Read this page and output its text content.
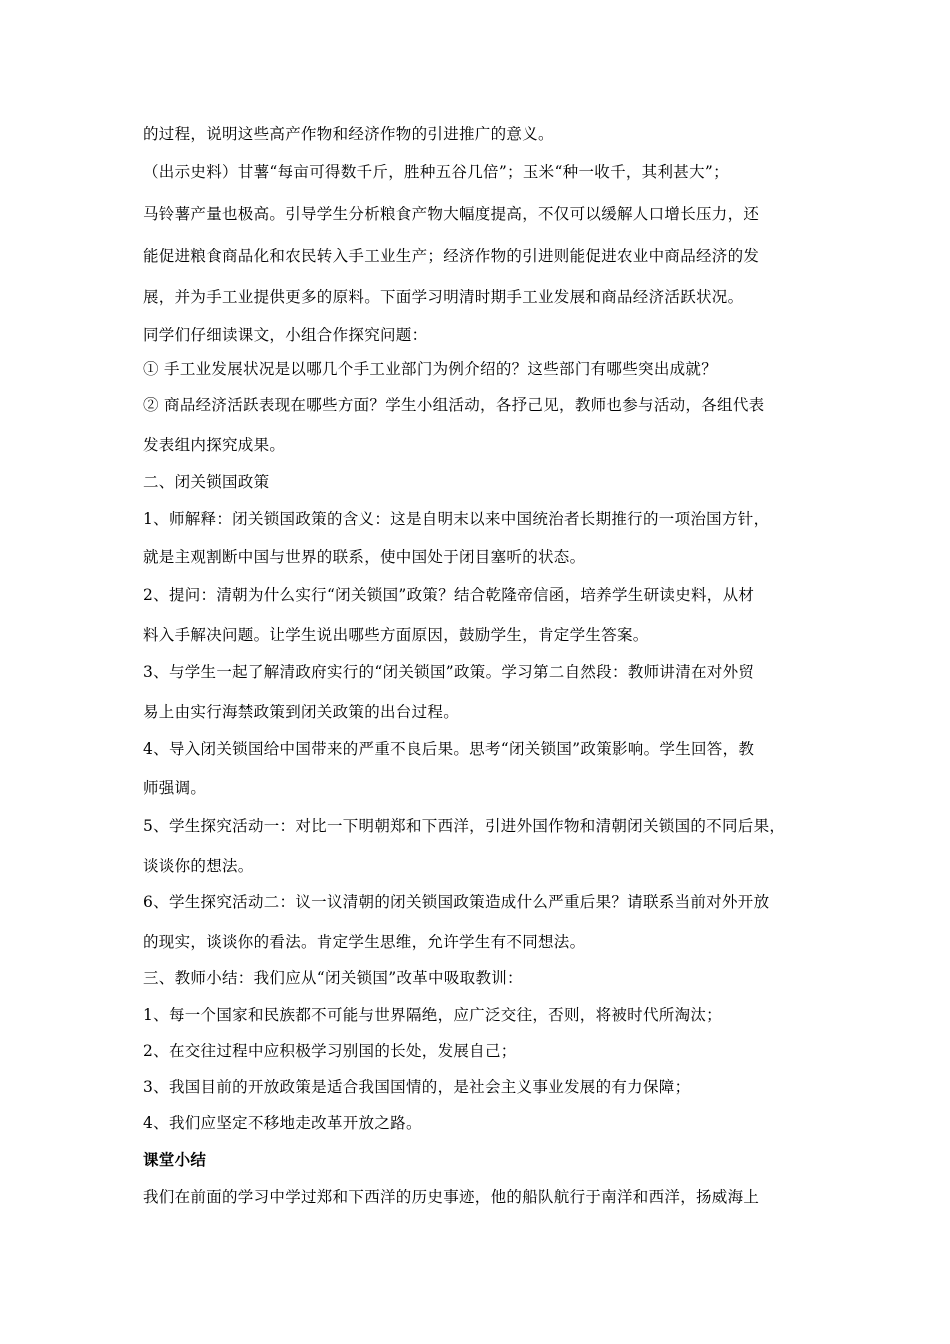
的过程，说明这些高产作物和经济作物的引进推广的意义。
（出示史料）甘薯“每亩可得数千斤，胜种五谷几倍”；玉米“种一收千，其利甚大”；
马铃薯产量也极高。引导学生分析粮食产物大幅度提高，不仅可以缓解人口增长压力，还
能促进粮食商品化和农民转入手工业生产；经济作物的引进则能促进农业中商品经济的发
展，并为手工业提供更多的原料。下面学习明清时期手工业发展和商品经济活跃状况。
同学们仔细读课文，小组合作探究问题：
① 手工业发展状况是以哪几个手工业部门为例介绍的？这些部门有哪些突出成就？
② 商品经济活跃表现在哪些方面？学生小组活动，各抒己见，教师也参与活动，各组代表
发表组内探究成果。
二、闭关锁国政策
1、师解释：闭关锁国政策的含义：这是自明末以来中国统治者长期推行的一项治国方针，
就是主观割断中国与世界的联系，使中国处于闭目塞听的状态。
2、提问：清朝为什么实行“闭关锁国”政策？结合乾隆帝信函，培养学生研读史料，从材
料入手解决问题。让学生说出哪些方面原因，鼓励学生，肯定学生答案。
3、与学生一起了解清政府实行的“闭关锁国”政策。学习第二自然段：教师讲清在对外贸
易上由实行海禁政策到闭关政策的出台过程。
4、导入闭关锁国给中国带来的严重不良后果。思考“闭关锁国”政策影响。学生回答，教
师强调。
5、学生探究活动一：对比一下明朝郑和下西洋，引进外国作物和清朝闭关锁国的不同后果，
谈谈你的想法。
6、学生探究活动二：议一议清朝的闭关锁国政策造成什么严重后果？请联系当前对外开放
的现实，谈谈你的看法。肯定学生思维，允许学生有不同想法。
三、教师小结：我们应从“闭关锁国”改革中吸取教训：
1、每一个国家和民族都不可能与世界隔绝，应广泛交往，否则，将被时代所淘汰；
2、在交往过程中应积极学习别国的长处，发展自己；
3、我国目前的开放政策是适合我国国情的，是社会主义事业发展的有力保障；
4、我们应坚定不移地走改革开放之路。
课堂小结
我们在前面的学习中学过郑和下西洋的历史事迹，他的船队航行于南洋和西洋，扬威海上
